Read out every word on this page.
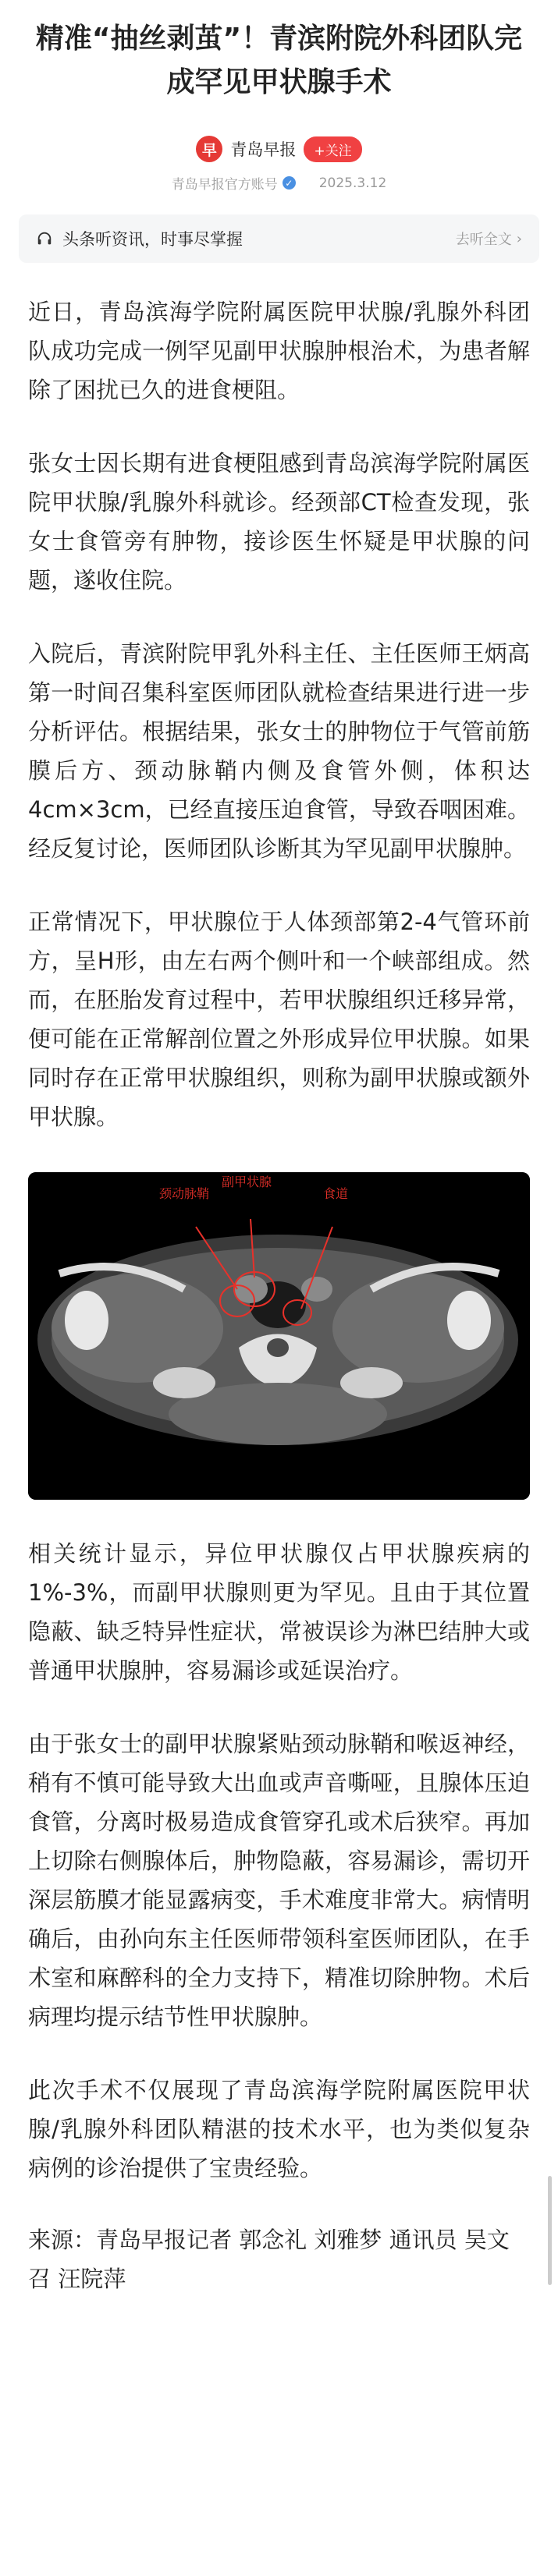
精准“抽丝剥茧”！青滨附院外科团队完成罕见甲状腺手术
早 青岛早报	+关注
青岛早报官方账号 ✓ 2025.3.12
头条听资讯，时事尽掌握	去听全文 ›

近日，青岛滨海学院附属医院甲状腺/乳腺外科团队成功完成一例罕见副甲状腺肿根治术，为患者解除了困扰已久的进食梗阻。

张女士因长期有进食梗阻感到青岛滨海学院附属医院甲状腺/乳腺外科就诊。经颈部CT检查发现，张女士食管旁有肿物，接诊医生怀疑是甲状腺的问题，遂收住院。

入院后，青滨附院甲乳外科主任、主任医师王炳高第一时间召集科室医师团队就检查结果进行进一步分析评估。根据结果，张女士的肿物位于气管前筋膜后方、颈动脉鞘内侧及食管外侧，体积达4cm×3cm，已经直接压迫食管，导致吞咽困难。经反复讨论，医师团队诊断其为罕见副甲状腺肿。

正常情况下，甲状腺位于人体颈部第2-4气管环前方，呈H形，由左右两个侧叶和一个峡部组成。然而，在胚胎发育过程中，若甲状腺组织迁移异常，便可能在正常解剖位置之外形成异位甲状腺。如果同时存在正常甲状腺组织，则称为副甲状腺或额外甲状腺。

颈动脉鞘
副甲状腺
食道

相关统计显示，异位甲状腺仅占甲状腺疾病的1%-3%，而副甲状腺则更为罕见。且由于其位置隐蔽、缺乏特异性症状，常被误诊为淋巴结肿大或普通甲状腺肿，容易漏诊或延误治疗。

由于张女士的副甲状腺紧贴颈动脉鞘和喉返神经，稍有不慎可能导致大出血或声音嘶哑，且腺体压迫食管，分离时极易造成食管穿孔或术后狭窄。再加上切除右侧腺体后，肿物隐蔽，容易漏诊，需切开深层筋膜才能显露病变，手术难度非常大。病情明确后，由孙向东主任医师带领科室医师团队，在手术室和麻醉科的全力支持下，精准切除肿物。术后病理均提示结节性甲状腺肿。

此次手术不仅展现了青岛滨海学院附属医院甲状腺/乳腺外科团队精湛的技术水平，也为类似复杂病例的诊治提供了宝贵经验。

来源：青岛早报记者 郭念礼 刘雅梦 通讯员 吴文召 汪院萍
